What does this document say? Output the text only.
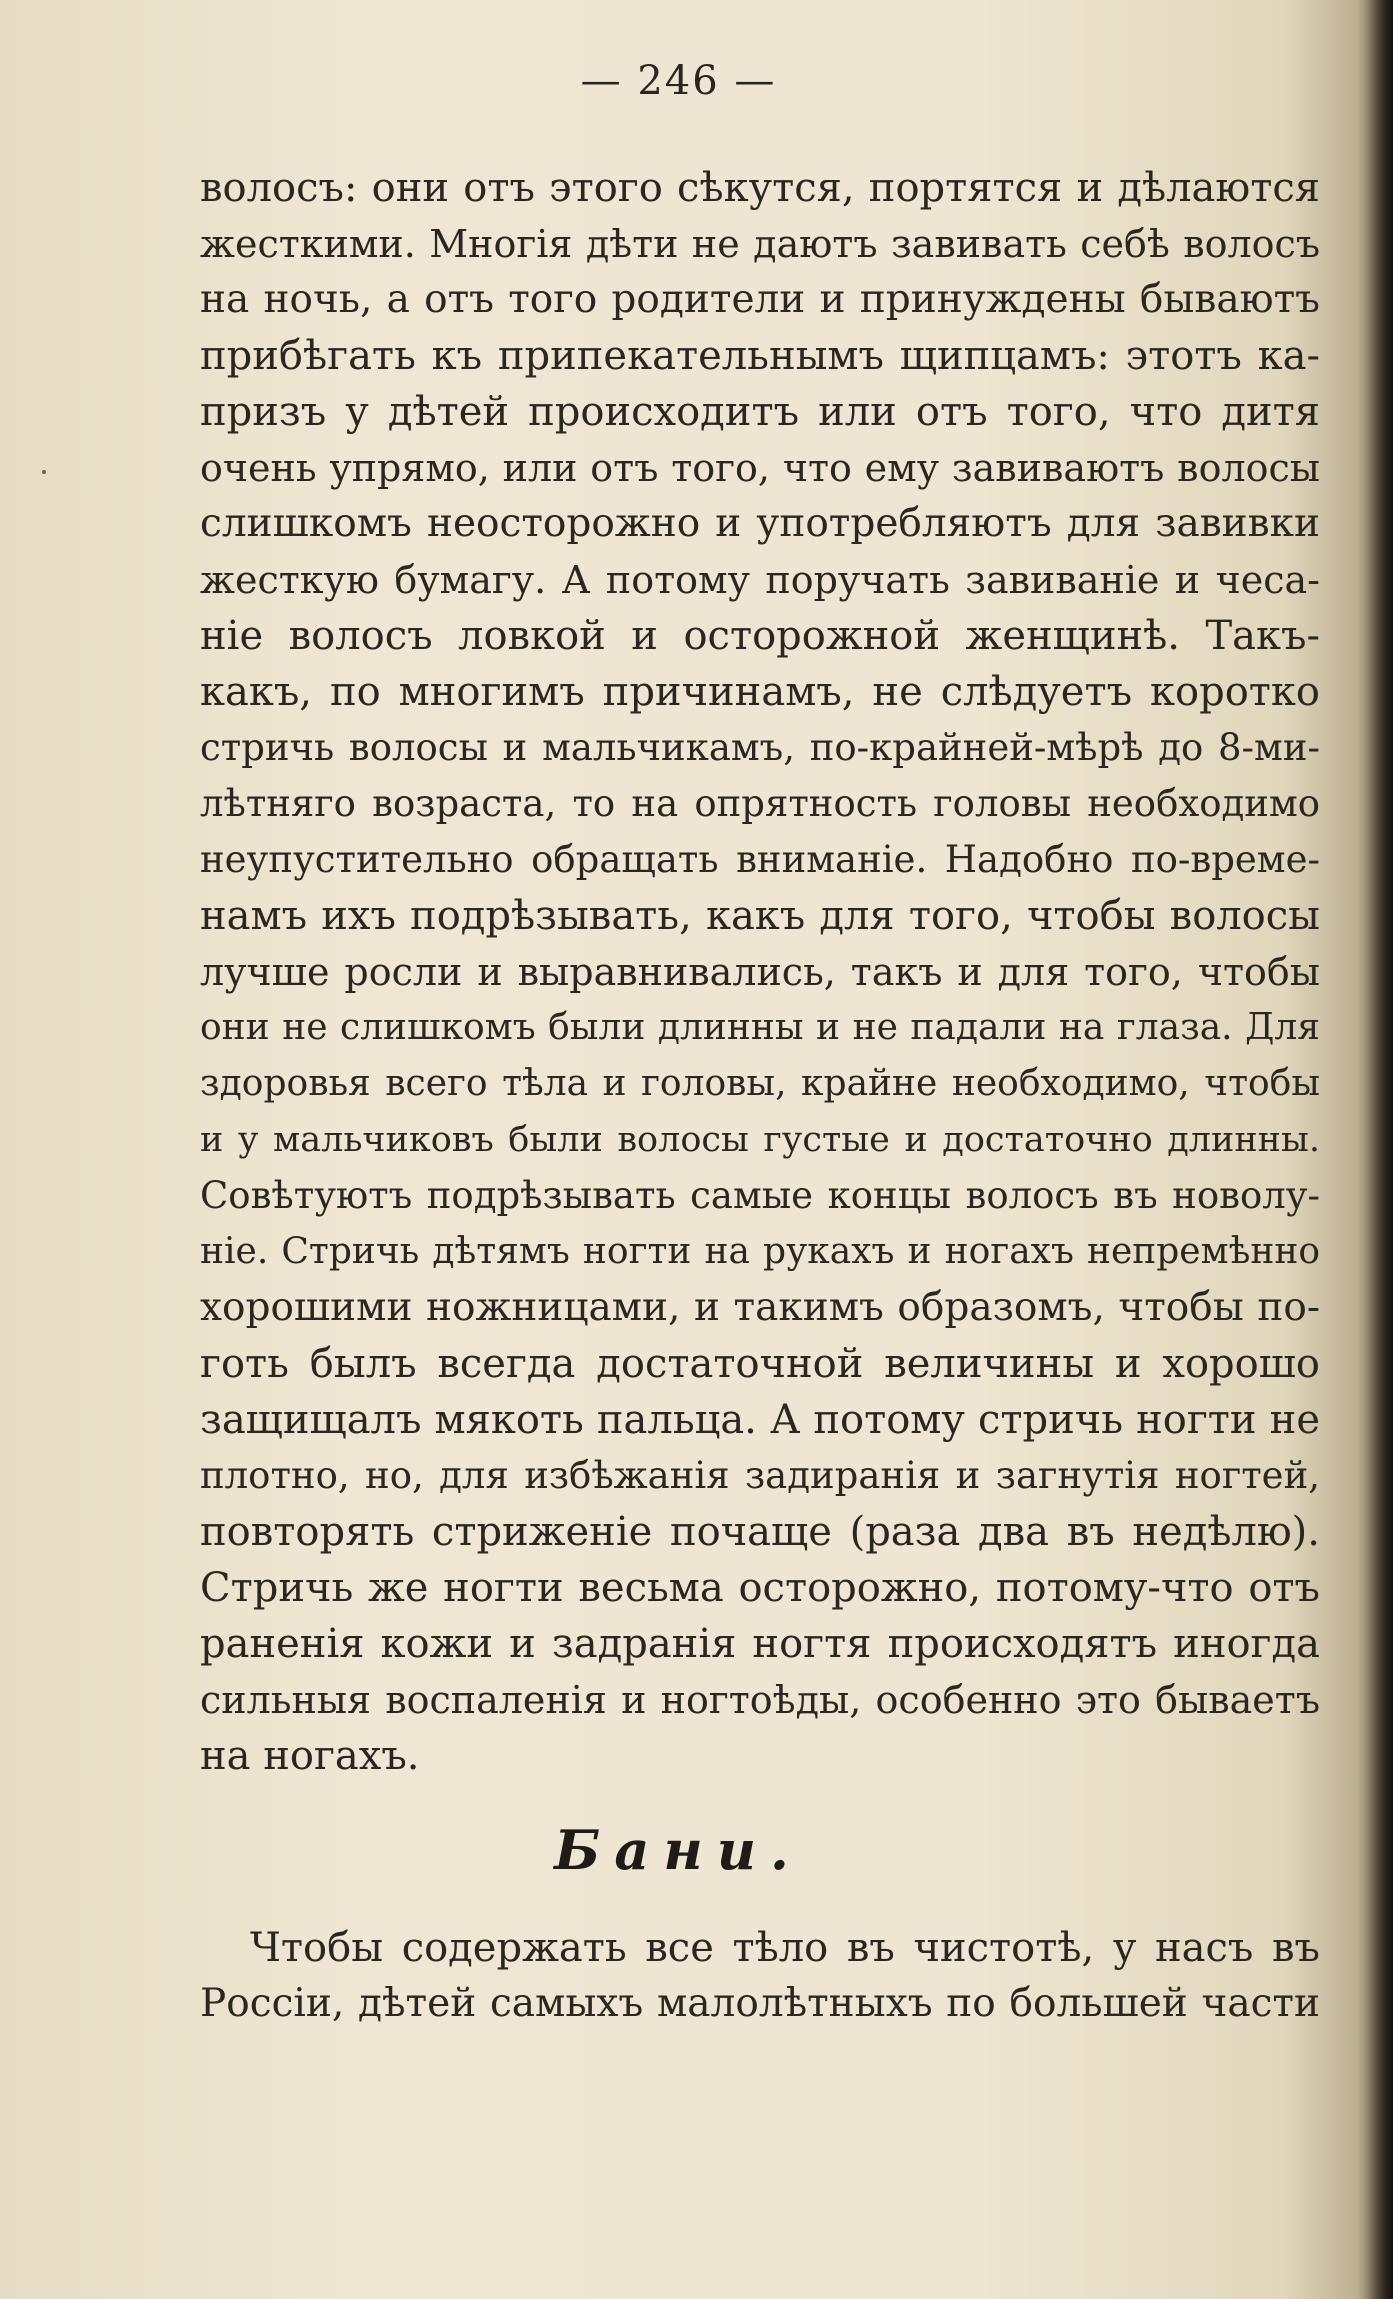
— 246 —
волосъ: они отъ этого сѣкутся, портятся и дѣлаются
жесткими. Многія дѣти не даютъ завивать себѣ волосъ
на ночь, а отъ того родители и принуждены бываютъ
прибѣгать къ припекательнымъ щипцамъ: этотъ ка-
призъ у дѣтей происходитъ или отъ того, что дитя
очень упрямо, или отъ того, что ему завиваютъ волосы
слишкомъ неосторожно и употребляютъ для завивки
жесткую бумагу. А потому поручать завиваніе и чеса-
ніе волосъ ловкой и осторожной женщинѣ. Такъ-
какъ, по многимъ причинамъ, не слѣдуетъ коротко
стричь волосы и мальчикамъ, по-крайней-мѣрѣ до 8-ми-
лѣтняго возраста, то на опрятность головы необходимо
неупустительно обращать вниманіе. Надобно по-време-
намъ ихъ подрѣзывать, какъ для того, чтобы волосы
лучше росли и выравнивались, такъ и для того, чтобы
они не слишкомъ были длинны и не падали на глаза. Для
здоровья всего тѣла и головы, крайне необходимо, чтобы
и у мальчиковъ были волосы густые и достаточно длинны.
Совѣтуютъ подрѣзывать самые концы волосъ въ новолу-
ніе. Стричь дѣтямъ ногти на рукахъ и ногахъ непремѣнно
хорошими ножницами, и такимъ образомъ, чтобы по-
готь былъ всегда достаточной величины и хорошо
защищалъ мякоть пальца. А потому стричь ногти не
плотно, но, для избѣжанія задиранія и загнутія ногтей,
повторять стриженіе почаще (раза два въ недѣлю).
Стричь же ногти весьма осторожно, потому-что отъ
раненія кожи и задранія ногтя происходятъ иногда
сильныя воспаленія и ногтоѣды, особенно это бываетъ
на ногахъ.
Бани.
Чтобы содержать все тѣло въ чистотѣ, у насъ въ
Россіи, дѣтей самыхъ малолѣтныхъ по большей части
